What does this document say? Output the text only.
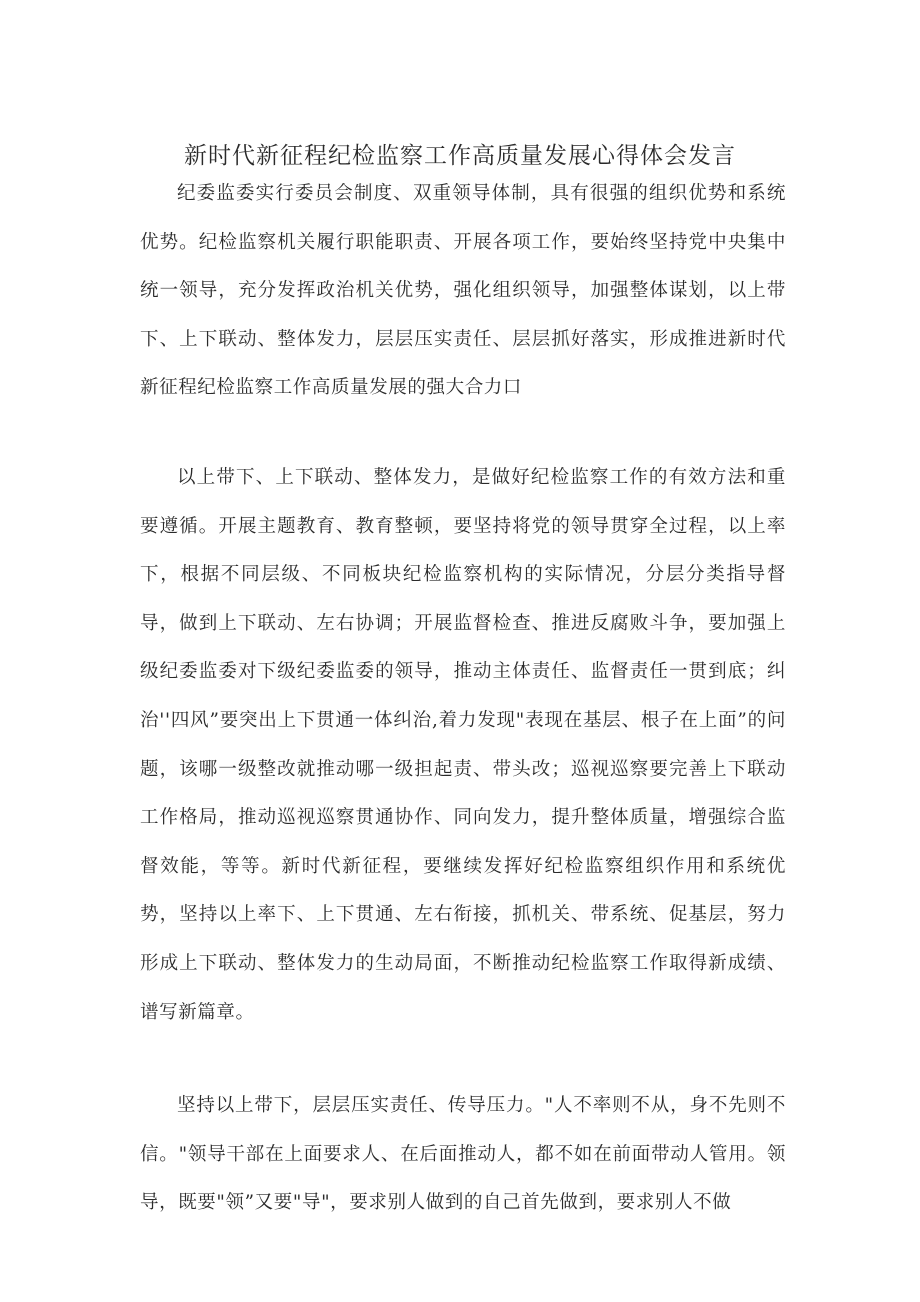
新时代新征程纪检监察工作高质量发展心得体会发言

纪委监委实行委员会制度、双重领导体制，具有很强的组织优势和系统优势。纪检监察机关履行职能职责、开展各项工作，要始终坚持党中央集中统一领导，充分发挥政治机关优势，强化组织领导，加强整体谋划，以上带下、上下联动、整体发力，层层压实责任、层层抓好落实，形成推进新时代新征程纪检监察工作高质量发展的强大合力口

以上带下、上下联动、整体发力，是做好纪检监察工作的有效方法和重要遵循。开展主题教育、教育整顿，要坚持将党的领导贯穿全过程，以上率下，根据不同层级、不同板块纪检监察机构的实际情况，分层分类指导督导，做到上下联动、左右协调；开展监督检查、推进反腐败斗争，要加强上级纪委监委对下级纪委监委的领导，推动主体责任、监督责任一贯到底；纠治''四风”要突出上下贯通一体纠治,着力发现"表现在基层、根子在上面”的问题，该哪一级整改就推动哪一级担起责、带头改；巡视巡察要完善上下联动工作格局，推动巡视巡察贯通协作、同向发力，提升整体质量，增强综合监督效能，等等。新时代新征程，要继续发挥好纪检监察组织作用和系统优势，坚持以上率下、上下贯通、左右衔接，抓机关、带系统、促基层，努力形成上下联动、整体发力的生动局面，不断推动纪检监察工作取得新成绩、谱写新篇章。

坚持以上带下，层层压实责任、传导压力。"人不率则不从，身不先则不信。"领导干部在上面要求人、在后面推动人，都不如在前面带动人管用。领导，既要"领”又要"导"，要求别人做到的自己首先做到，要求别人不做
